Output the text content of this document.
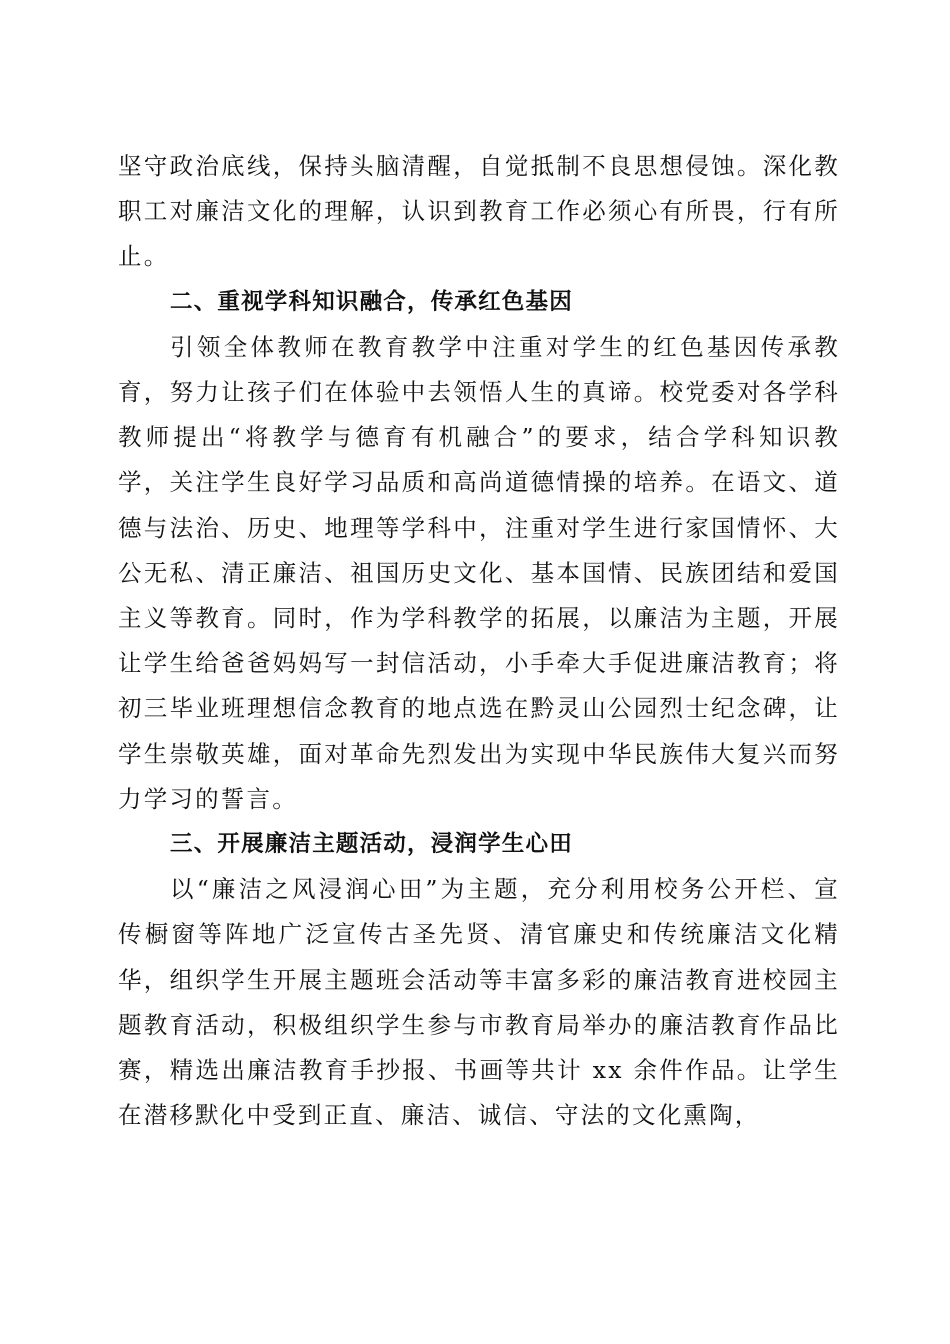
坚守政治底线，保持头脑清醒，自觉抵制不良思想侵蚀。深化教职工对廉洁文化的理解，认识到教育工作必须心有所畏，行有所止。

二、重视学科知识融合，传承红色基因

引领全体教师在教育教学中注重对学生的红色基因传承教育，努力让孩子们在体验中去领悟人生的真谛。校党委对各学科教师提出“将教学与德育有机融合”的要求，结合学科知识教学，关注学生良好学习品质和高尚道德情操的培养。在语文、道德与法治、历史、地理等学科中，注重对学生进行家国情怀、大公无私、清正廉洁、祖国历史文化、基本国情、民族团结和爱国主义等教育。同时，作为学科教学的拓展，以廉洁为主题，开展让学生给爸爸妈妈写一封信活动，小手牵大手促进廉洁教育；将初三毕业班理想信念教育的地点选在黔灵山公园烈士纪念碑，让学生崇敬英雄，面对革命先烈发出为实现中华民族伟大复兴而努力学习的誓言。

三、开展廉洁主题活动，浸润学生心田

以“廉洁之风浸润心田”为主题，充分利用校务公开栏、宣传橱窗等阵地广泛宣传古圣先贤、清官廉史和传统廉洁文化精华，组织学生开展主题班会活动等丰富多彩的廉洁教育进校园主题教育活动，积极组织学生参与市教育局举办的廉洁教育作品比赛，精选出廉洁教育手抄报、书画等共计 xx 余件作品。让学生在潜移默化中受到正直、廉洁、诚信、守法的文化熏陶，
